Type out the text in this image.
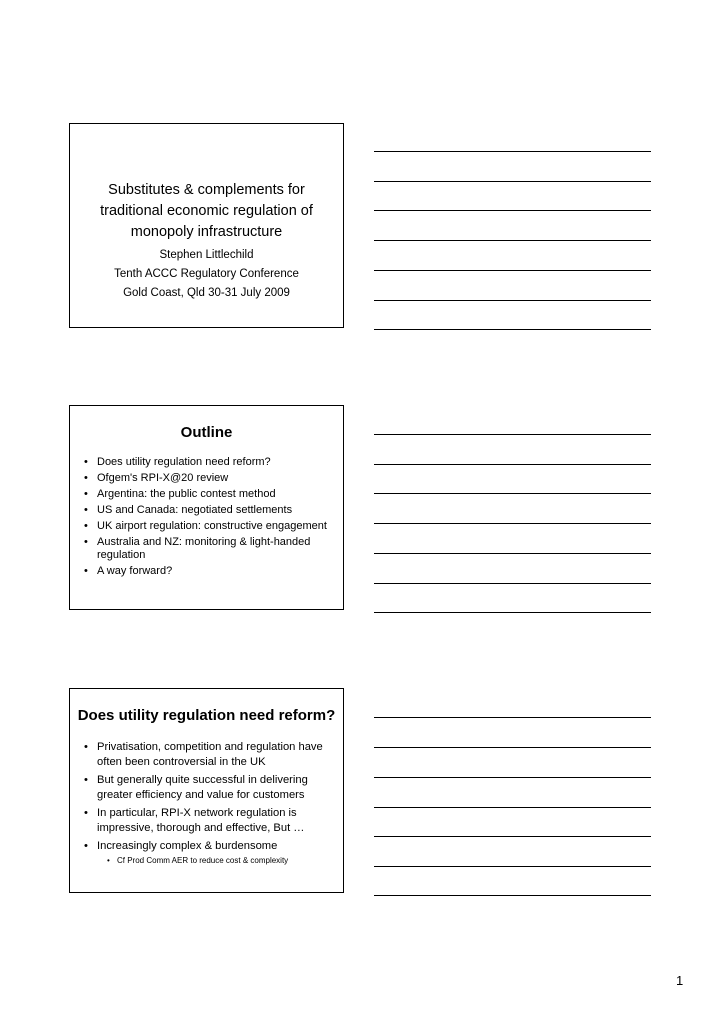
Substitutes & complements for traditional economic regulation of monopoly infrastructure
Stephen Littlechild
Tenth ACCC Regulatory Conference
Gold Coast, Qld 30-31 July 2009
Outline
• Does utility regulation need reform?
• Ofgem's RPI-X@20 review
• Argentina: the public contest method
• US and Canada: negotiated settlements
• UK airport regulation: constructive engagement
• Australia and NZ: monitoring & light-handed regulation
• A way forward?
Does utility regulation need reform?
• Privatisation, competition and regulation have often been controversial in the UK
• But generally quite successful in delivering greater efficiency and value for customers
• In particular, RPI-X network regulation is impressive, thorough and effective, But …
• Increasingly complex & burdensome
• Cf Prod Comm AER to reduce cost & complexity
1
